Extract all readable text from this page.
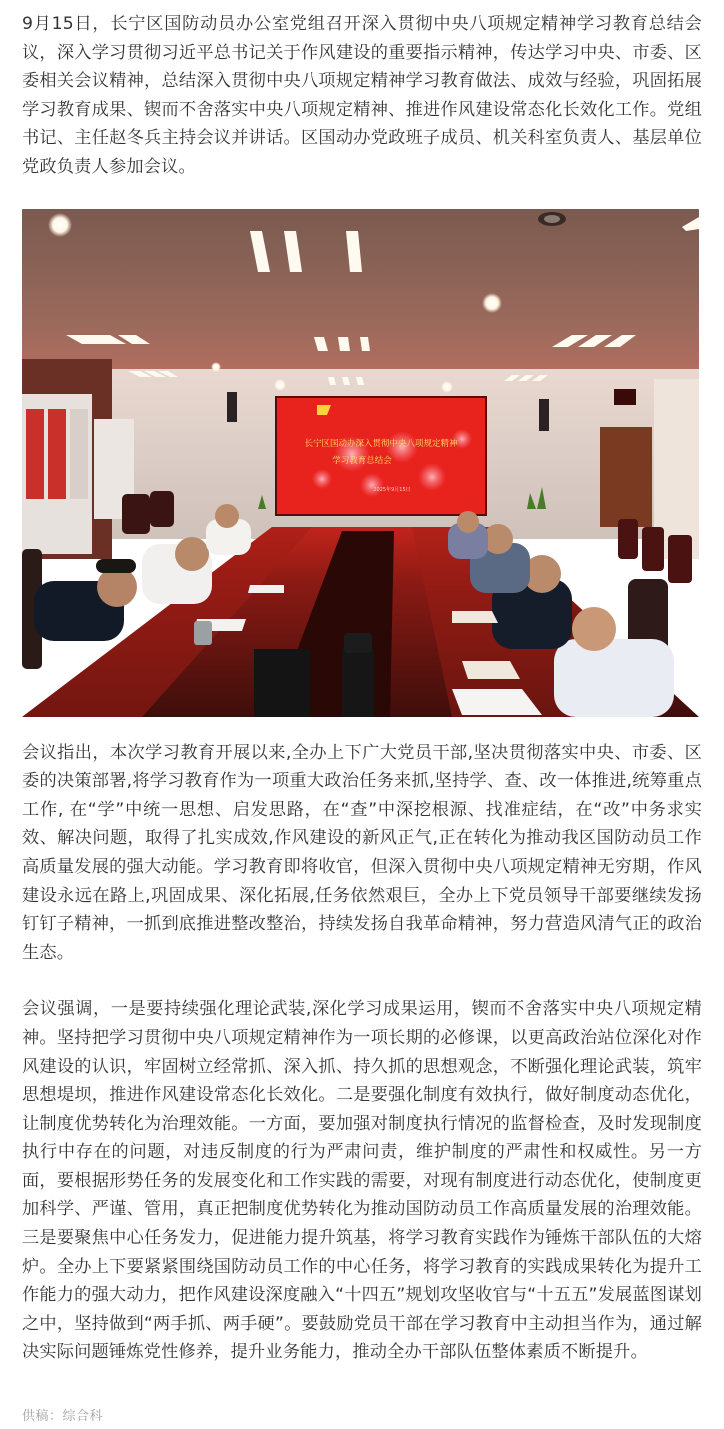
9月15日，长宁区国防动员办公室党组召开深入贯彻中央八项规定精神学习教育总结会议，深入学习贯彻习近平总书记关于作风建设的重要指示精神，传达学习中央、市委、区委相关会议精神，总结深入贯彻中央八项规定精神学习教育做法、成效与经验，巩固拓展学习教育成果、锲而不舍落实中央八项规定精神、推进作风建设常态化长效化工作。党组书记、主任赵冬兵主持会议并讲话。区国动办党政班子成员、机关科室负责人、基层单位党政负责人参加会议。

长宁区国动办深入贯彻中央八项规定精神
学习教育总结会
2025年9月15日

会议指出，本次学习教育开展以来,全办上下广大党员干部,坚决贯彻落实中央、市委、区委的决策部署,将学习教育作为一项重大政治任务来抓,坚持学、查、改一体推进,统筹重点工作, 在“学”中统一思想、启发思路，在“查”中深挖根源、找准症结，在“改”中务求实效、解决问题，取得了扎实成效,作风建设的新风正气,正在转化为推动我区国防动员工作高质量发展的强大动能。学习教育即将收官，但深入贯彻中央八项规定精神无穷期，作风建设永远在路上,巩固成果、深化拓展,任务依然艰巨，全办上下党员领导干部要继续发扬钉钉子精神，一抓到底推进整改整治，持续发扬自我革命精神，努力营造风清气正的政治生态。

会议强调，一是要持续强化理论武装,深化学习成果运用，锲而不舍落实中央八项规定精神。坚持把学习贯彻中央八项规定精神作为一项长期的必修课，以更高政治站位深化对作风建设的认识，牢固树立经常抓、深入抓、持久抓的思想观念，不断强化理论武装，筑牢思想堤坝，推进作风建设常态化长效化。二是要强化制度有效执行，做好制度动态优化，让制度优势转化为治理效能。一方面，要加强对制度执行情况的监督检查，及时发现制度执行中存在的问题，对违反制度的行为严肃问责，维护制度的严肃性和权威性。另一方面，要根据形势任务的发展变化和工作实践的需要，对现有制度进行动态优化，使制度更加科学、严谨、管用，真正把制度优势转化为推动国防动员工作高质量发展的治理效能。三是要聚焦中心任务发力，促进能力提升筑基，将学习教育实践作为锤炼干部队伍的大熔炉。全办上下要紧紧围绕国防动员工作的中心任务，将学习教育的实践成果转化为提升工作能力的强大动力，把作风建设深度融入“十四五”规划攻坚收官与“十五五”发展蓝图谋划之中，坚持做到“两手抓、两手硬”。要鼓励党员干部在学习教育中主动担当作为，通过解决实际问题锤炼党性修养，提升业务能力，推动全办干部队伍整体素质不断提升。

供稿：综合科
